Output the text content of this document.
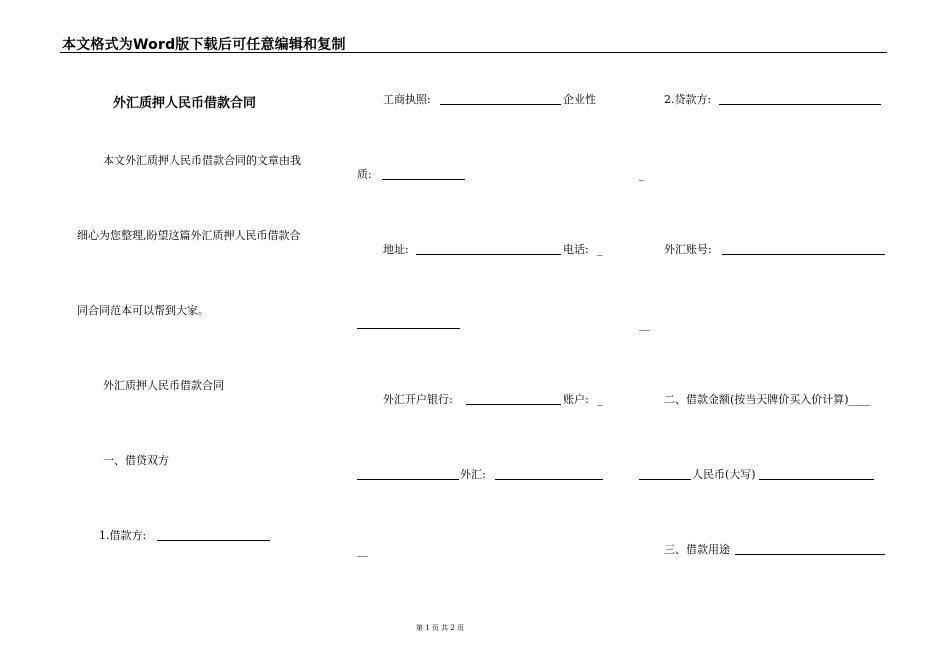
本文格式为Word版下载后可任意编辑和复制
外汇质押人民币借款合同
本文外汇质押人民币借款合同的文章由我
细心为您整理,盼望这篇外汇质押人民币借款合
同合同范本可以帮到大家。
外汇质押人民币借款合同
一、借贷双方
1.借款方:
工商执照:	企业性
质:
地址:	电话: _
外汇开户银行:	账户: _
外汇:
__
2.贷款方:
_
外汇账号:
__
二、借款金额(按当天牌价买入价计算)____
人民币(大写)
三、借款用途
第 1 页 共 2 页
